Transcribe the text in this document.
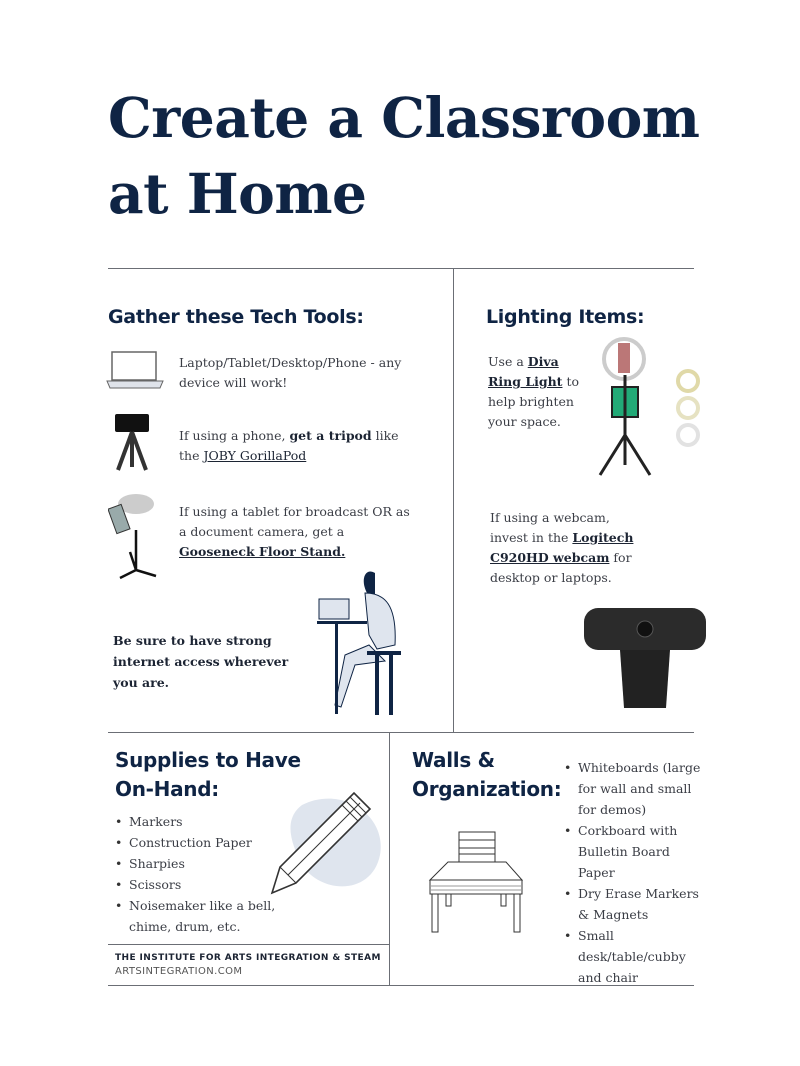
Create a Classroom
at Home
Gather these Tech Tools:
Laptop/Tablet/Desktop/Phone - any device will work!
If using a phone, get a tripod like the JOBY GorillaPod
If using a tablet for broadcast OR as a document camera, get a Gooseneck Floor Stand.
Be sure to have strong internet access wherever you are.
Lighting Items:
Use a Diva Ring Light to help brighten your space.
If using a webcam, invest in the Logitech C920HD webcam for desktop or laptops.
Supplies to Have
On-Hand:
• Markers
• Construction Paper
• Sharpies
• Scissors
• Noisemaker like a bell, chime, drum, etc.
THE INSTITUTE FOR ARTS INTEGRATION & STEAM
ARTSINTEGRATION.COM
Walls &
Organization:
• Whiteboards (large for wall and small for demos)
• Corkboard with Bulletin Board Paper
• Dry Erase Markers & Magnets
• Small desk/table/cubby and chair
